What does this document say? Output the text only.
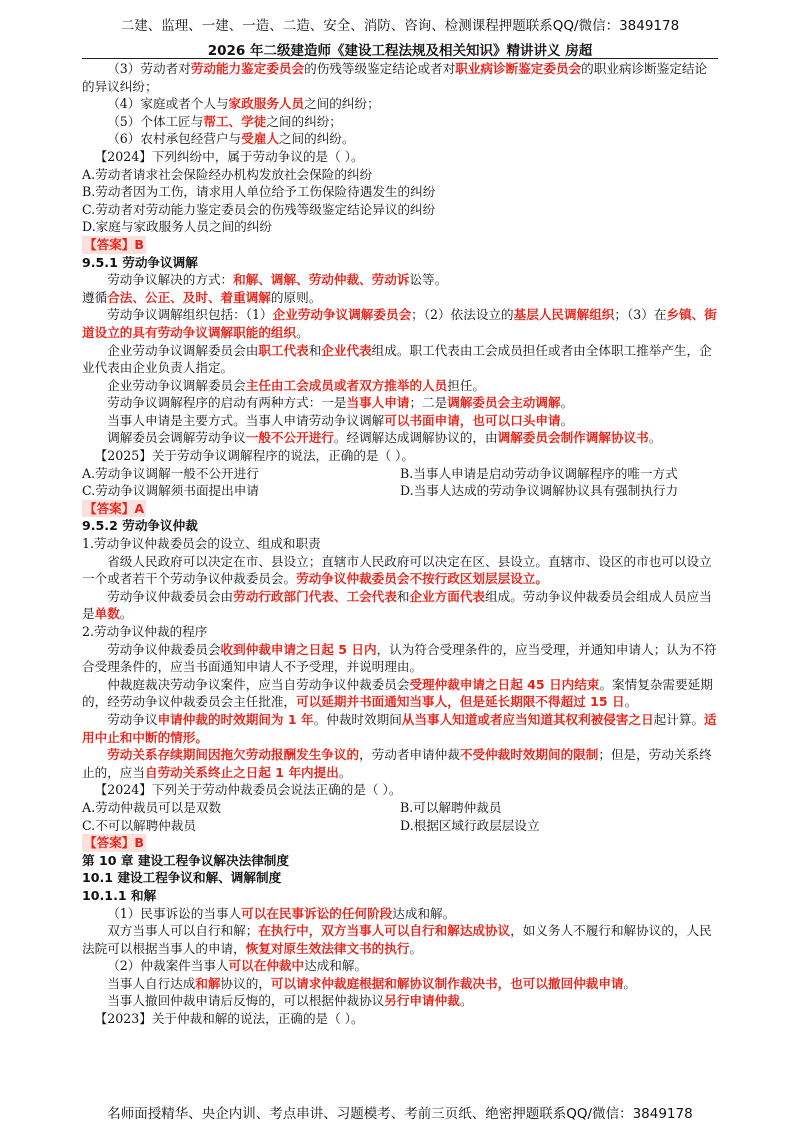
二建、监理、一建、一造、二造、安全、消防、咨询、检测课程押题联系QQ/微信：3849178
2026 年二级建造师《建设工程法规及相关知识》精讲讲义 房超

（3）劳动者对劳动能力鉴定委员会的伤残等级鉴定结论或者对职业病诊断鉴定委员会的职业病诊断鉴定结论的异议纠纷；

（4）家庭或者个人与家政服务人员之间的纠纷；

（5）个体工匠与帮工、学徒之间的纠纷；

（6）农村承包经营户与受雇人之间的纠纷。

【2024】下列纠纷中，属于劳动争议的是（ ）。

A.劳动者请求社会保险经办机构发放社会保险的纠纷

B.劳动者因为工伤，请求用人单位给予工伤保险待遇发生的纠纷

C.劳动者对劳动能力鉴定委员会的伤残等级鉴定结论异议的纠纷

D.家庭与家政服务人员之间的纠纷

【答案】B

9.5.1 劳动争议调解

劳动争议解决的方式：和解、调解、劳动仲裁、劳动诉讼等。

遵循合法、公正、及时、着重调解的原则。

劳动争议调解组织包括：（1）企业劳动争议调解委员会；（2）依法设立的基层人民调解组织；（3）在乡镇、街道设立的具有劳动争议调解职能的组织。

企业劳动争议调解委员会由职工代表和企业代表组成。职工代表由工会成员担任或者由全体职工推举产生，企业代表由企业负责人指定。

企业劳动争议调解委员会主任由工会成员或者双方推举的人员担任。

劳动争议调解程序的启动有两种方式：一是当事人申请；二是调解委员会主动调解。

当事人申请是主要方式。当事人申请劳动争议调解可以书面申请，也可以口头申请。

调解委员会调解劳动争议一般不公开进行。经调解达成调解协议的，由调解委员会制作调解协议书。

【2025】关于劳动争议调解程序的说法，正确的是（ ）。

A.劳动争议调解一般不公开进行	B.当事人申请是启动劳动争议调解程序的唯一方式

C.劳动争议调解须书面提出申请	D.当事人达成的劳动争议调解协议具有强制执行力

【答案】A

9.5.2 劳动争议仲裁

1.劳动争议仲裁委员会的设立、组成和职责

省级人民政府可以决定在市、县设立；直辖市人民政府可以决定在区、县设立。直辖市、设区的市也可以设立一个或者若干个劳动争议仲裁委员会。劳动争议仲裁委员会不按行政区划层层设立。

劳动争议仲裁委员会由劳动行政部门代表、工会代表和企业方面代表组成。劳动争议仲裁委员会组成人员应当是单数。

2.劳动争议仲裁的程序

劳动争议仲裁委员会收到仲裁申请之日起 5 日内，认为符合受理条件的，应当受理，并通知申请人；认为不符合受理条件的，应当书面通知申请人不予受理，并说明理由。

仲裁庭裁决劳动争议案件，应当自劳动争议仲裁委员会受理仲裁申请之日起 45 日内结束。案情复杂需要延期的，经劳动争议仲裁委员会主任批准，可以延期并书面通知当事人，但是延长期限不得超过 15 日。

劳动争议申请仲裁的时效期间为 1 年。仲裁时效期间从当事人知道或者应当知道其权利被侵害之日起计算。适用中止和中断的情形。

劳动关系存续期间因拖欠劳动报酬发生争议的，劳动者申请仲裁不受仲裁时效期间的限制；但是，劳动关系终止的，应当自劳动关系终止之日起 1 年内提出。

【2024】下列关于劳动仲裁委员会说法正确的是（ ）。

A.劳动仲裁员可以是双数	B.可以解聘仲裁员

C.不可以解聘仲裁员	D.根据区域行政层层设立

【答案】B

第 10 章 建设工程争议解决法律制度

10.1 建设工程争议和解、调解制度

10.1.1 和解

（1）民事诉讼的当事人可以在民事诉讼的任何阶段达成和解。

双方当事人可以自行和解；在执行中，双方当事人可以自行和解达成协议，如义务人不履行和解协议的，人民法院可以根据当事人的申请，恢复对原生效法律文书的执行。

（2）仲裁案件当事人可以在仲裁中达成和解。

当事人自行达成和解协议的，可以请求仲裁庭根据和解协议制作裁决书，也可以撤回仲裁申请。

当事人撤回仲裁申请后反悔的，可以根据仲裁协议另行申请仲裁。

【2023】关于仲裁和解的说法，正确的是（ ）。

名师面授精华、央企内训、考点串讲、习题模考、考前三页纸、绝密押题联系QQ/微信：3849178
